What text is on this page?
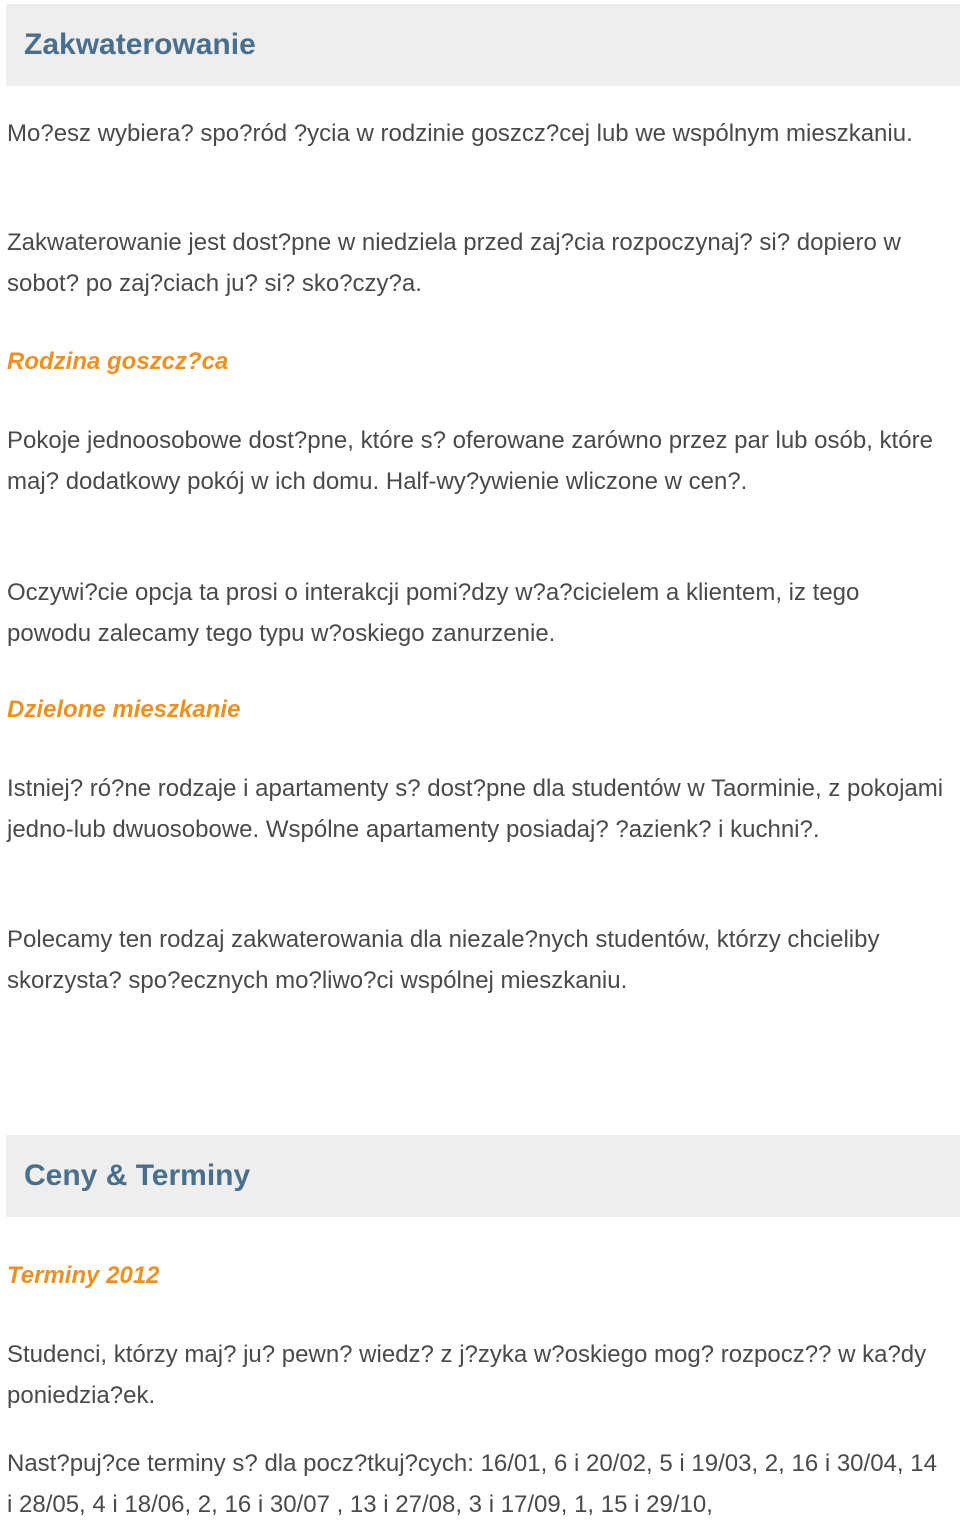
Zakwaterowanie

Mo?esz wybiera? spo?ród ?ycia w rodzinie goszcz?cej lub we wspólnym mieszkaniu.

Zakwaterowanie jest dost?pne w niedziela przed zaj?cia rozpoczynaj? si? dopiero w sobot? po zaj?ciach ju? si? sko?czy?a.

Rodzina goszcz?ca

Pokoje jednoosobowe dost?pne, które s? oferowane zarówno przez par lub osób, które maj? dodatkowy pokój w ich domu. Half-wy?ywienie wliczone w cen?.

Oczywi?cie opcja ta prosi o interakcji pomi?dzy w?a?cicielem a klientem, iz tego powodu zalecamy tego typu w?oskiego zanurzenie.

Dzielone mieszkanie

Istniej? ró?ne rodzaje i apartamenty s? dost?pne dla studentów w Taorminie, z pokojami jedno-lub dwuosobowe. Wspólne apartamenty posiadaj? ?azienk? i kuchni?.

Polecamy ten rodzaj zakwaterowania dla niezale?nych studentów, którzy chcieliby skorzysta? spo?ecznych mo?liwo?ci wspólnej mieszkaniu.

Ceny & Terminy
Terminy 2012

Studenci, którzy maj? ju? pewn? wiedz? z j?zyka w?oskiego mog? rozpocz?? w ka?dy poniedzia?ek.

Nast?puj?ce terminy s? dla pocz?tkuj?cych: 16/01, 6 i 20/02, 5 i 19/03, 2, 16 i 30/04, 14 i 28/05, 4 i 18/06, 2, 16 i 30/07 , 13 i 27/08, 3 i 17/09, 1, 15 i 29/10,
